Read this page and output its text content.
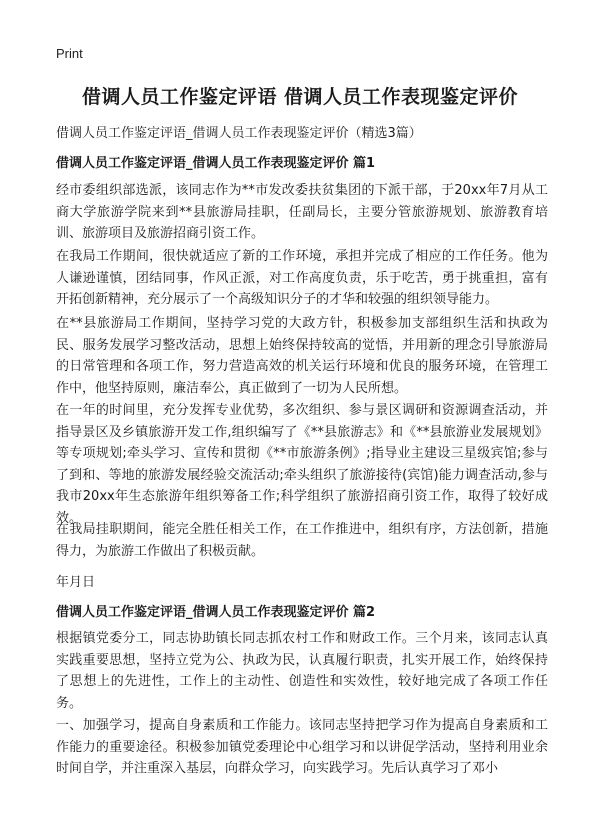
Print
借调人员工作鉴定评语 借调人员工作表现鉴定评价
借调人员工作鉴定评语_借调人员工作表现鉴定评价（精选3篇）
借调人员工作鉴定评语_借调人员工作表现鉴定评价 篇1

经市委组织部选派，该同志作为**市发改委扶贫集团的下派干部，于20xx年7月从工商大学旅游学院来到**县旅游局挂职，任副局长，主要分管旅游规划、旅游教育培训、旅游项目及旅游招商引资工作。

在我局工作期间，很快就适应了新的工作环境，承担并完成了相应的工作任务。他为人谦逊谨慎，团结同事，作风正派，对工作高度负责，乐于吃苦，勇于挑重担，富有开拓创新精神，充分展示了一个高级知识分子的才华和较强的组织领导能力。

在**县旅游局工作期间，坚持学习党的大政方针，积极参加支部组织生活和执政为民、服务发展学习整改活动，思想上始终保持较高的觉悟，并用新的理念引导旅游局的日常管理和各项工作，努力营造高效的机关运行环境和优良的服务环境，在管理工作中，他坚持原则，廉洁奉公，真正做到了一切为人民所想。

在一年的时间里，充分发挥专业优势，多次组织、参与景区调研和资源调查活动，并指导景区及乡镇旅游开发工作,组织编写了《**县旅游志》和《**县旅游业发展规划》等专项规划;牵头学习、宣传和贯彻《**市旅游条例》;指导业主建设三星级宾馆;参与了到和、等地的旅游发展经验交流活动;牵头组织了旅游接待(宾馆)能力调查活动,参与我市20xx年生态旅游年组织筹备工作;科学组织了旅游招商引资工作，取得了较好成效。

在我局挂职期间，能完全胜任相关工作，在工作推进中，组织有序，方法创新，措施得力，为旅游工作做出了积极贡献。

年月日
借调人员工作鉴定评语_借调人员工作表现鉴定评价 篇2

根据镇党委分工，同志协助镇长同志抓农村工作和财政工作。三个月来，该同志认真实践重要思想，坚持立党为公、执政为民，认真履行职责，扎实开展工作，始终保持了思想上的先进性，工作上的主动性、创造性和实效性，较好地完成了各项工作任务。

一、加强学习，提高自身素质和工作能力。该同志坚持把学习作为提高自身素质和工作能力的重要途径。积极参加镇党委理论中心组学习和以讲促学活动，坚持利用业余时间自学，并注重深入基层，向群众学习，向实践学习。先后认真学习了邓小
